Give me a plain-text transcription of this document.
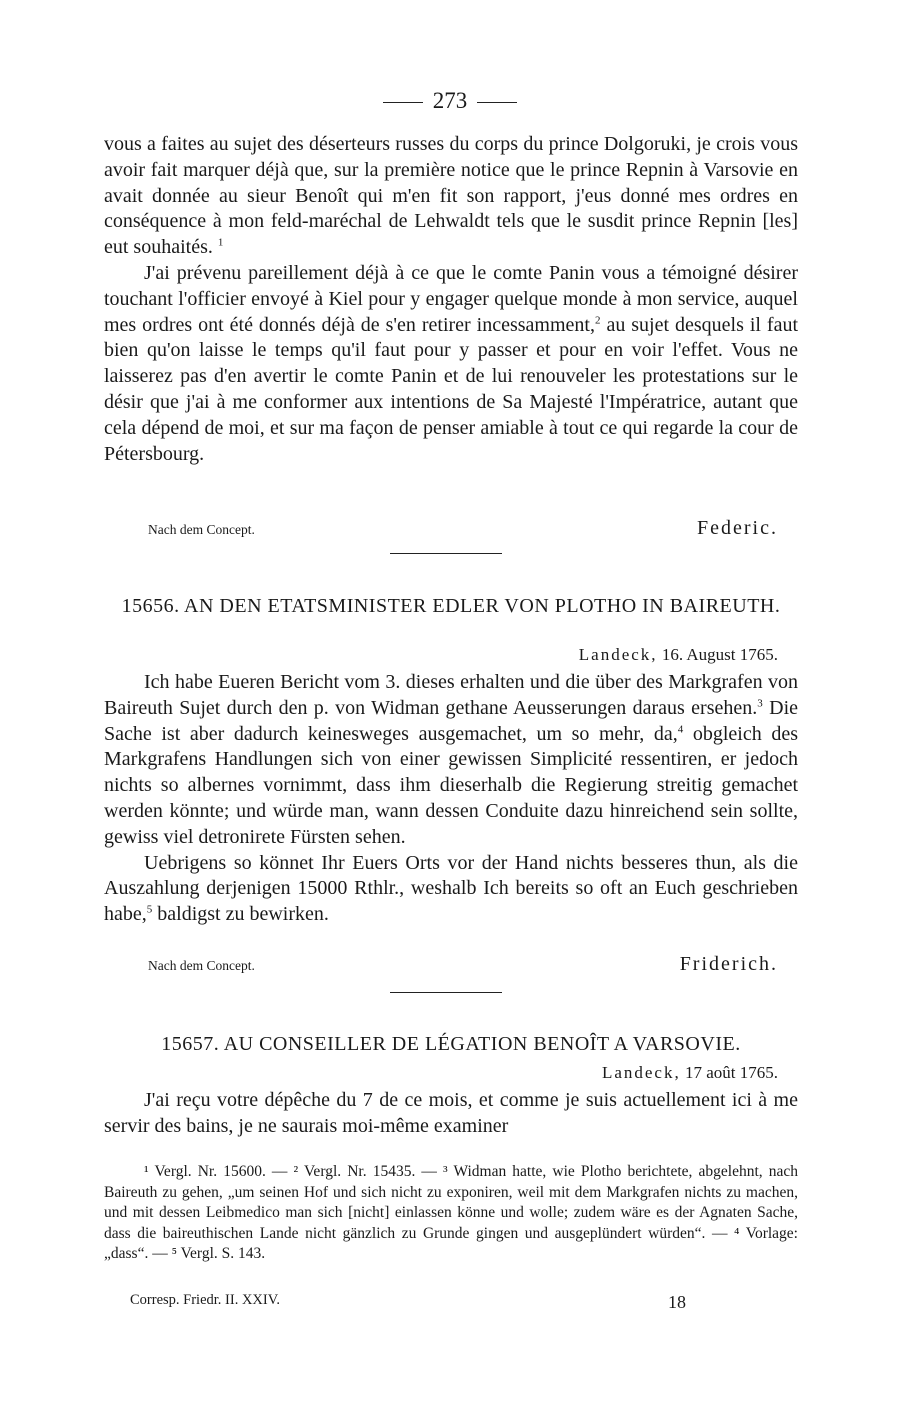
273

vous a faites au sujet des déserteurs russes du corps du prince Dolgoruki, je crois vous avoir fait marquer déjà que, sur la première notice que le prince Repnin à Varsovie en avait donnée au sieur Benoît qui m'en fit son rapport, j'eus donné mes ordres en conséquence à mon feld-maréchal de Lehwaldt tels que le susdit prince Repnin [les] eut souhaités. $^1$

J'ai prévenu pareillement déjà à ce que le comte Panin vous a témoigné désirer touchant l'officier envoyé à Kiel pour y engager quelque monde à mon service, auquel mes ordres ont été donnés déjà de s'en retirer incessamment,$^2$ au sujet desquels il faut bien qu'on laisse le temps qu'il faut pour y passer et pour en voir l'effet. Vous ne laisserez pas d'en avertir le comte Panin et de lui renouveler les protestations sur le désir que j'ai à me conformer aux intentions de Sa Majesté l'Impératrice, autant que cela dépend de moi, et sur ma façon de penser amiable à tout ce qui regarde la cour de Pétersbourg.

Nach dem Concept.	Federic.
15656. AN DEN ETATSMINISTER EDLER VON PLOTHO IN BAIREUTH.
Landeck, 16. August 1765.

Ich habe Eueren Bericht vom 3. dieses erhalten und die über des Markgrafen von Baireuth Sujet durch den p. von Widman gethane Aeusserungen daraus ersehen.$^3$ Die Sache ist aber dadurch keinesweges ausgemachet, um so mehr, da,$^4$ obgleich des Markgrafens Handlungen sich von einer gewissen Simplicité ressentiren, er jedoch nichts so albernes vornimmt, dass ihm dieserhalb die Regierung streitig gemachet werden könnte; und würde man, wann dessen Conduite dazu hinreichend sein sollte, gewiss viel detronirete Fürsten sehen.

Uebrigens so könnet Ihr Euers Orts vor der Hand nichts besseres thun, als die Auszahlung derjenigen 15000 Rthlr., weshalb Ich bereits so oft an Euch geschrieben habe,$^5$ baldigst zu bewirken.

Nach dem Concept.	Friderich.
15657. AU CONSEILLER DE LÉGATION BENOÎT A VARSOVIE.
Landeck, 17 août 1765.

J'ai reçu votre dépêche du 7 de ce mois, et comme je suis actuellement ici à me servir des bains, je ne saurais moi-même examiner

¹ Vergl. Nr. 15600. — ² Vergl. Nr. 15435. — ³ Widman hatte, wie Plotho berichtete, abgelehnt, nach Baireuth zu gehen, „um seinen Hof und sich nicht zu exponiren, weil mit dem Markgrafen nichts zu machen, und mit dessen Leibmedico man sich [nicht] einlassen könne und wolle; zudem wäre es der Agnaten Sache, dass die baireuthischen Lande nicht gänzlich zu Grunde gingen und ausgeplündert würden“. — ⁴ Vorlage: „dass“. — ⁵ Vergl. S. 143.

Corresp. Friedr. II. XXIV.	18
